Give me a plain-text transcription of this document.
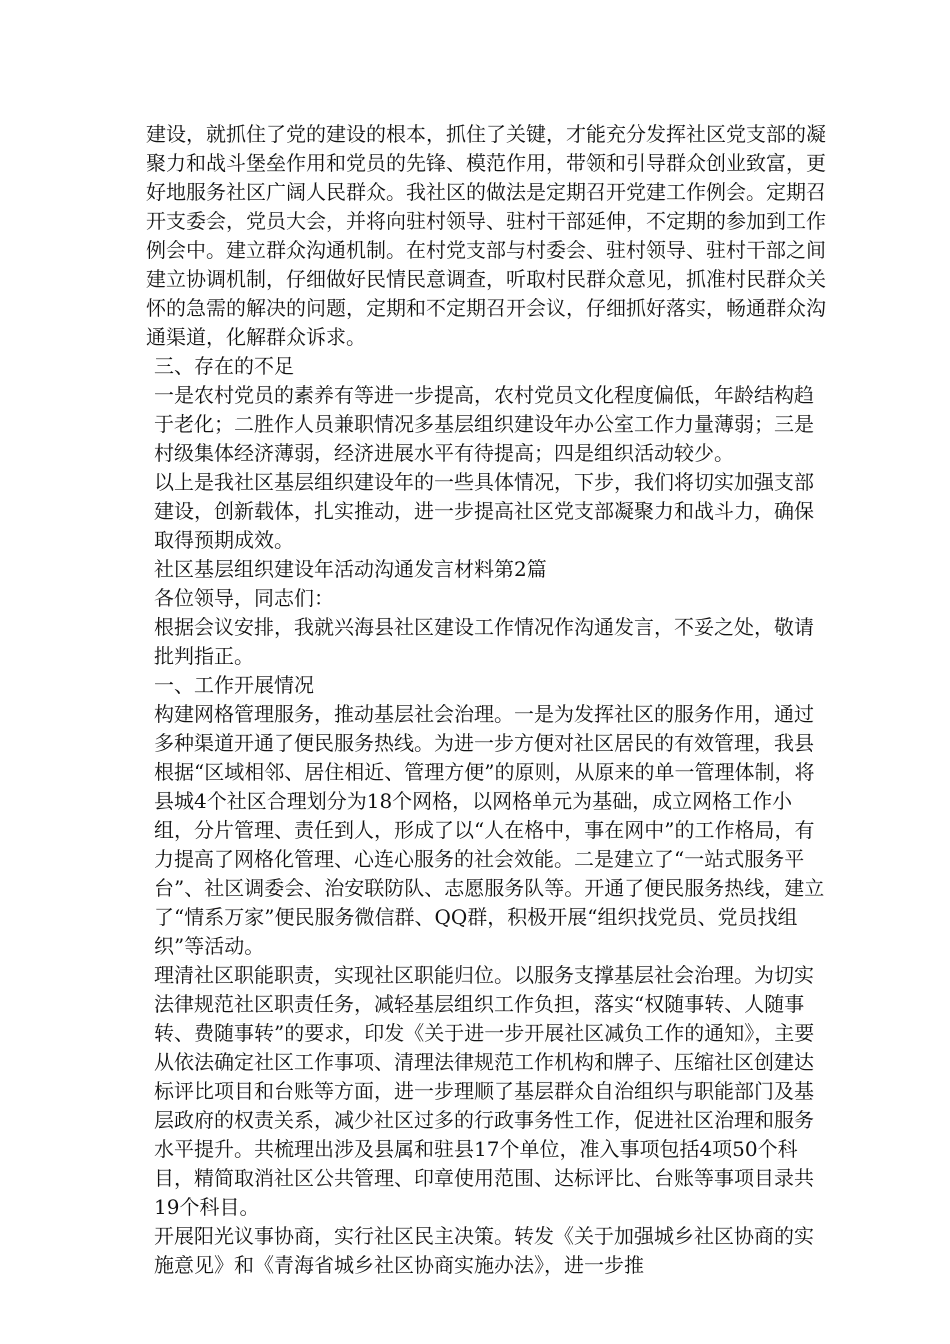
建设，就抓住了党的建设的根本，抓住了关键，才能充分发挥社区党支部的凝聚力和战斗堡垒作用和党员的先锋、模范作用，带领和引导群众创业致富，更好地服务社区广阔人民群众。我社区的做法是定期召开党建工作例会。定期召开支委会，党员大会，并将向驻村领导、驻村干部延伸，不定期的参加到工作例会中。建立群众沟通机制。在村党支部与村委会、驻村领导、驻村干部之间建立协调机制，仔细做好民情民意调查，听取村民群众意见，抓准村民群众关怀的急需的解决的问题，定期和不定期召开会议，仔细抓好落实，畅通群众沟通渠道，化解群众诉求。

三、存在的不足

一是农村党员的素养有等进一步提高，农村党员文化程度偏低，年龄结构趋于老化；二胜作人员兼职情况多基层组织建设年办公室工作力量薄弱；三是村级集体经济薄弱，经济进展水平有待提高；四是组织活动较少。

以上是我社区基层组织建设年的一些具体情况，下步，我们将切实加强支部建设，创新载体，扎实推动，进一步提高社区党支部凝聚力和战斗力，确保取得预期成效。

社区基层组织建设年活动沟通发言材料第2篇

各位领导，同志们：

根据会议安排，我就兴海县社区建设工作情况作沟通发言，不妥之处，敬请批判指正。

一、工作开展情况

构建网格管理服务，推动基层社会治理。一是为发挥社区的服务作用，通过多种渠道开通了便民服务热线。为进一步方便对社区居民的有效管理，我县根据“区域相邻、居住相近、管理方便”的原则，从原来的单一管理体制，将县城4个社区合理划分为18个网格，以网格单元为基础，成立网格工作小组，分片管理、责任到人，形成了以“人在格中，事在网中”的工作格局，有力提高了网格化管理、心连心服务的社会效能。二是建立了“一站式服务平台”、社区调委会、治安联防队、志愿服务队等。开通了便民服务热线，建立了“情系万家”便民服务微信群、QQ群，积极开展“组织找党员、党员找组织”等活动。

理清社区职能职责，实现社区职能归位。以服务支撑基层社会治理。为切实法律规范社区职责任务，减轻基层组织工作负担，落实“权随事转、人随事转、费随事转”的要求，印发《关于进一步开展社区减负工作的通知》，主要从依法确定社区工作事项、清理法律规范工作机构和牌子、压缩社区创建达标评比项目和台账等方面，进一步理顺了基层群众自治组织与职能部门及基层政府的权责关系，减少社区过多的行政事务性工作，促进社区治理和服务水平提升。共梳理出涉及县属和驻县17个单位，准入事项包括4项50个科目，精简取消社区公共管理、印章使用范围、达标评比、台账等事项目录共19个科目。

开展阳光议事协商，实行社区民主决策。转发《关于加强城乡社区协商的实施意见》和《青海省城乡社区协商实施办法》，进一步推
